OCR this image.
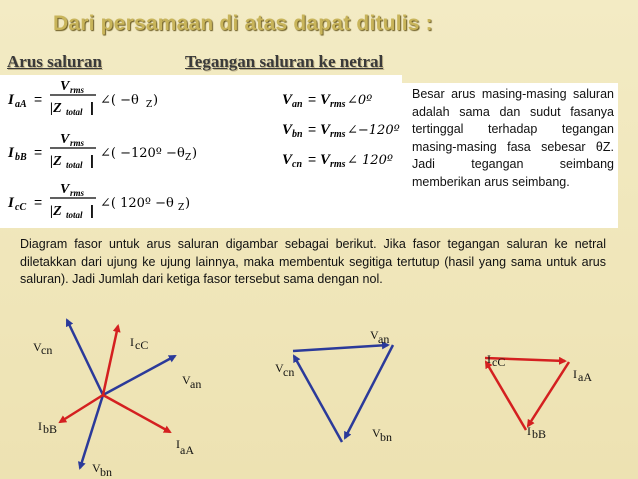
Dari persamaan di atas dapat ditulis :
Arus saluran	Tegangan saluran ke netral
I aA =
V rms
|Z total | ∠( −θ Z )
I bB =
V rms
|Z total | ∠( −120º −θ Z )
I cC =
V rms
|Z total | ∠( 120º −θ Z )
V an = V rms ∠0º
V bn = V rms ∠−120º
V cn = V rms ∠ 120º
Besar arus masing-masing saluran adalah sama dan sudut fasanya tertinggal terhadap tegangan masing-masing fasa sebesar θZ. Jadi tegangan seimbang memberikan arus seimbang.
Diagram fasor untuk arus saluran digambar sebagai berikut. Jika fasor tegangan saluran ke netral diletakkan dari ujung ke ujung lainnya, maka membentuk segitiga tertutup (hasil yang sama untuk arus saluran). Jadi Jumlah dari ketiga fasor tersebut sama dengan nol.
V cn
I cC
V an
I bB
I aA
V bn
V an
V cn
V bn
I cC
I aA
I bB
